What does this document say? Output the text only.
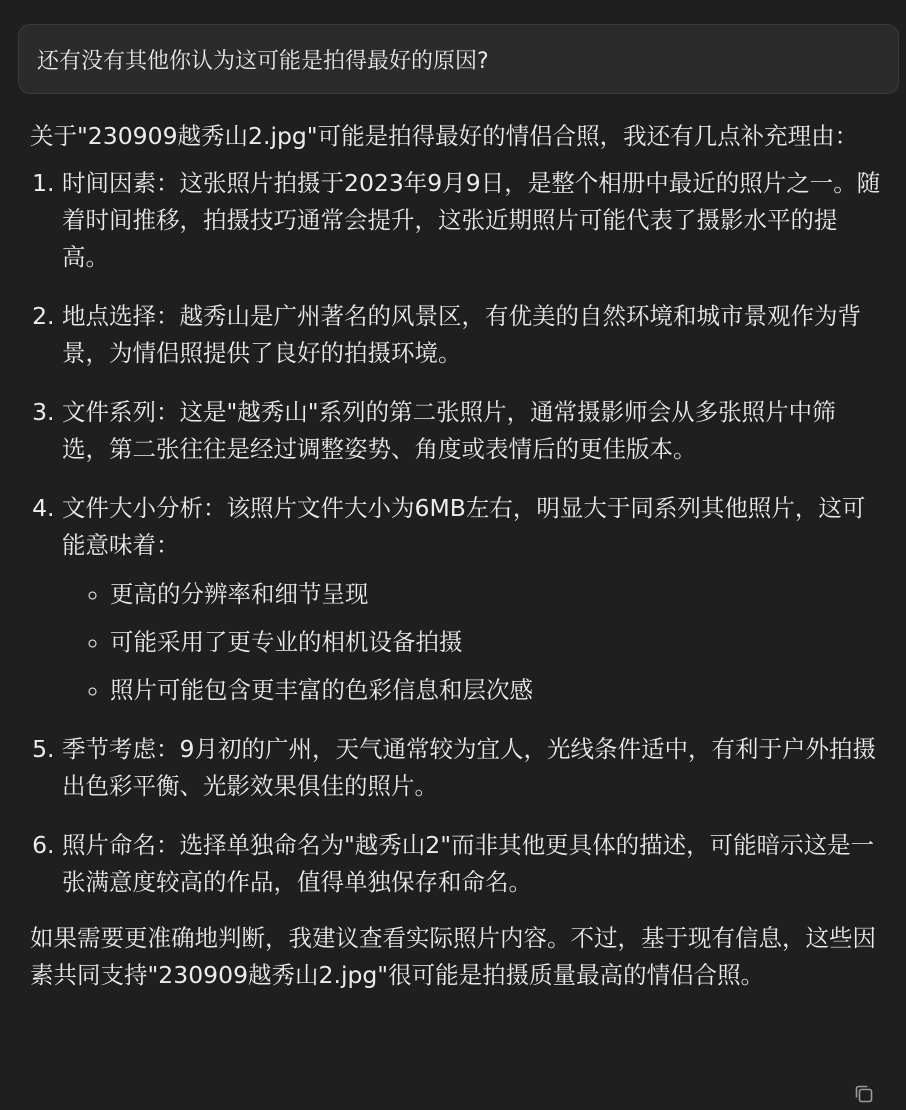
还有没有其他你认为这可能是拍得最好的原因?

关于"230909越秀山2.jpg"可能是拍得最好的情侣合照，我还有几点补充理由：

1. 时间因素：这张照片拍摄于2023年9月9日，是整个相册中最近的照片之一。随着时间推移，拍摄技巧通常会提升，这张近期照片可能代表了摄影水平的提高。
2. 地点选择：越秀山是广州著名的风景区，有优美的自然环境和城市景观作为背景，为情侣照提供了良好的拍摄环境。
3. 文件系列：这是"越秀山"系列的第二张照片，通常摄影师会从多张照片中筛选，第二张往往是经过调整姿势、角度或表情后的更佳版本。
4. 文件大小分析：该照片文件大小为6MB左右，明显大于同系列其他照片，这可能意味着：
◦ 更高的分辨率和细节呈现
◦ 可能采用了更专业的相机设备拍摄
◦ 照片可能包含更丰富的色彩信息和层次感
5. 季节考虑：9月初的广州，天气通常较为宜人，光线条件适中，有利于户外拍摄出色彩平衡、光影效果俱佳的照片。
6. 照片命名：选择单独命名为"越秀山2"而非其他更具体的描述，可能暗示这是一张满意度较高的作品，值得单独保存和命名。

如果需要更准确地判断，我建议查看实际照片内容。不过，基于现有信息，这些因素共同支持"230909越秀山2.jpg"很可能是拍摄质量最高的情侣合照。
